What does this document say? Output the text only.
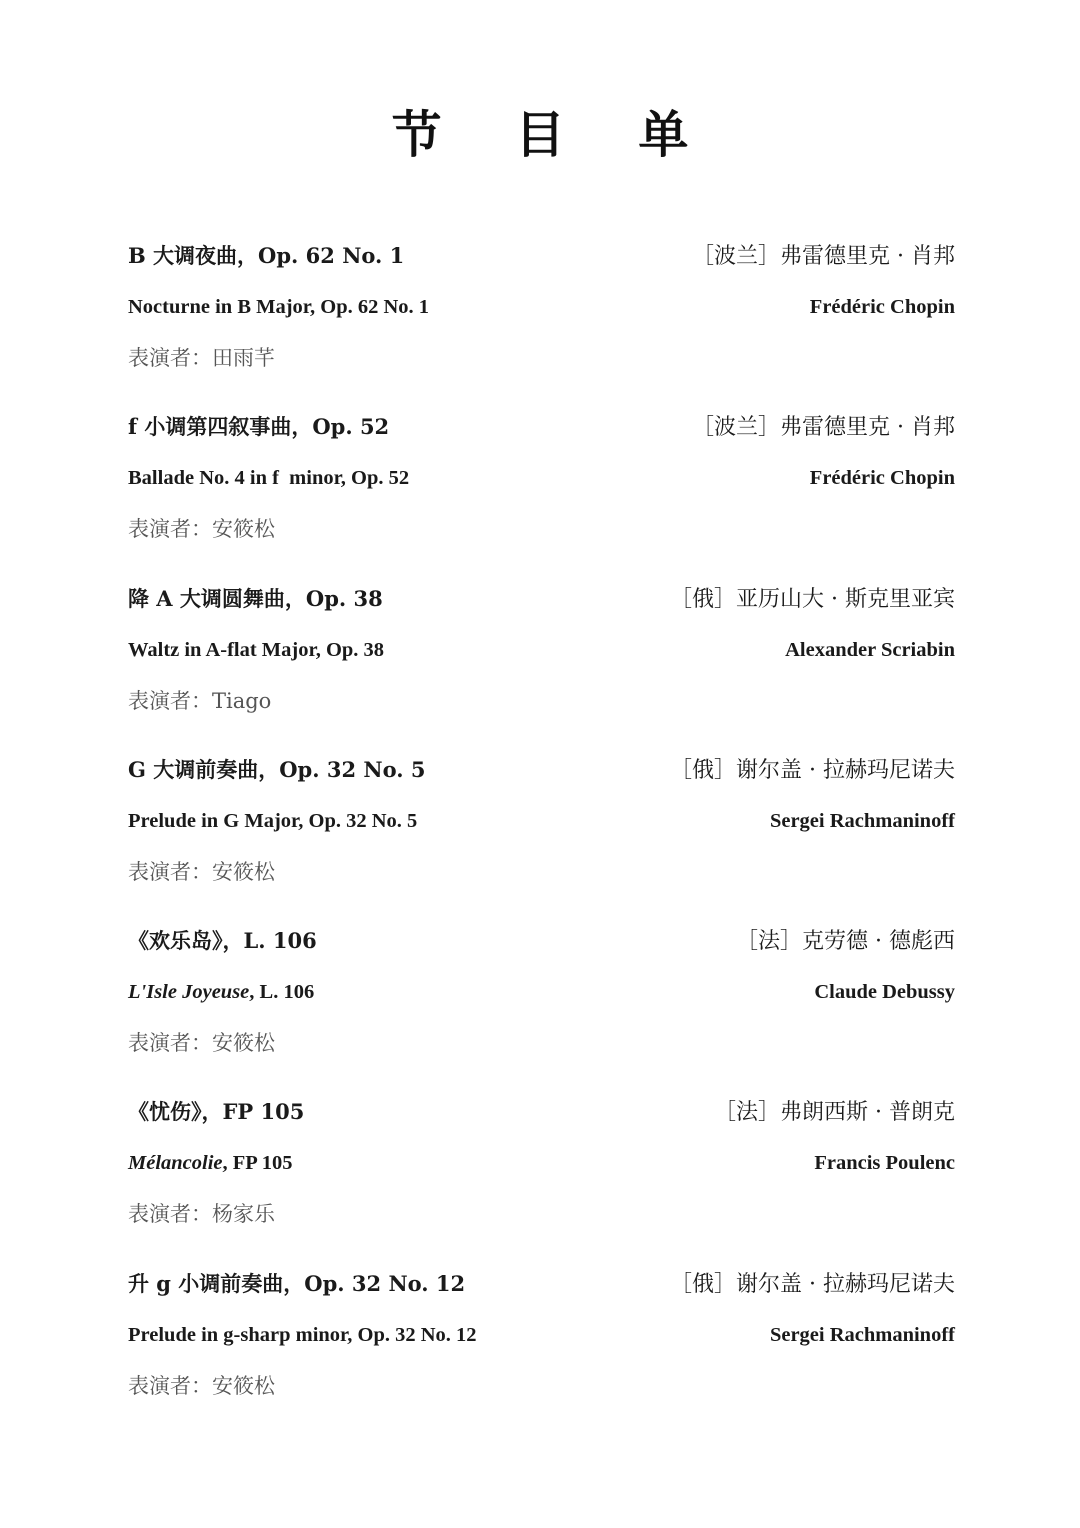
节 目 单
B 大调夜曲，Op. 62 No. 1	［波兰］弗雷德里克 · 肖邦
Nocturne in B Major, Op. 62 No. 1	Frédéric Chopin
表演者：田雨芊
f 小调第四叙事曲，Op. 52	［波兰］弗雷德里克 · 肖邦
Ballade No. 4 in f  minor, Op. 52	Frédéric Chopin
表演者：安筱松
降 A 大调圆舞曲，Op. 38	［俄］亚历山大 · 斯克里亚宾
Waltz in A-flat Major, Op. 38	Alexander Scriabin
表演者：Tiago
G 大调前奏曲，Op. 32 No. 5	［俄］谢尔盖 · 拉赫玛尼诺夫
Prelude in G Major, Op. 32 No. 5	Sergei Rachmaninoff
表演者：安筱松
《欢乐岛》，L. 106	［法］克劳德 · 德彪西
L'Isle Joyeuse, L. 106	Claude Debussy
表演者：安筱松
《忧伤》，FP 105	［法］弗朗西斯 · 普朗克
Mélancolie, FP 105	Francis Poulenc
表演者：杨家乐
升 g 小调前奏曲，Op. 32 No. 12	［俄］谢尔盖 · 拉赫玛尼诺夫
Prelude in g-sharp minor, Op. 32 No. 12	Sergei Rachmaninoff
表演者：安筱松
